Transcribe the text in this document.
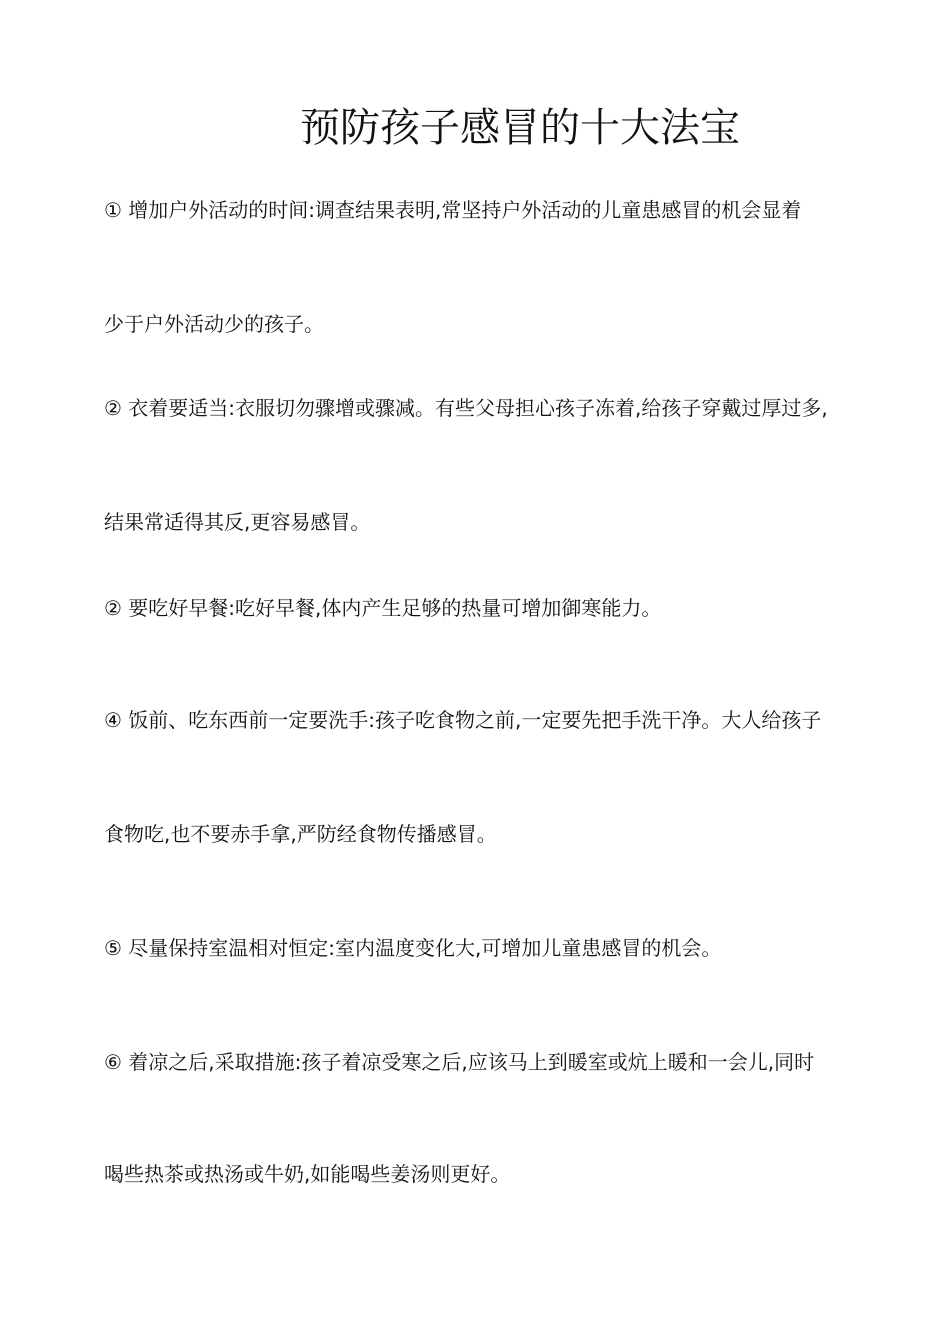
预防孩子感冒的十大法宝
① 增加户外活动的时间:调查结果表明,常坚持户外活动的儿童患感冒的机会显着
少于户外活动少的孩子。
② 衣着要适当:衣服切勿骤增或骤减。有些父母担心孩子冻着,给孩子穿戴过厚过多,
结果常适得其反,更容易感冒。
② 要吃好早餐:吃好早餐,体内产生足够的热量可增加御寒能力。
④ 饭前、吃东西前一定要洗手:孩子吃食物之前,一定要先把手洗干净。大人给孩子
食物吃,也不要赤手拿,严防经食物传播感冒。
⑤ 尽量保持室温相对恒定:室内温度变化大,可增加儿童患感冒的机会。
⑥ 着凉之后,采取措施:孩子着凉受寒之后,应该马上到暖室或炕上暖和一会儿,同时
喝些热茶或热汤或牛奶,如能喝些姜汤则更好。
